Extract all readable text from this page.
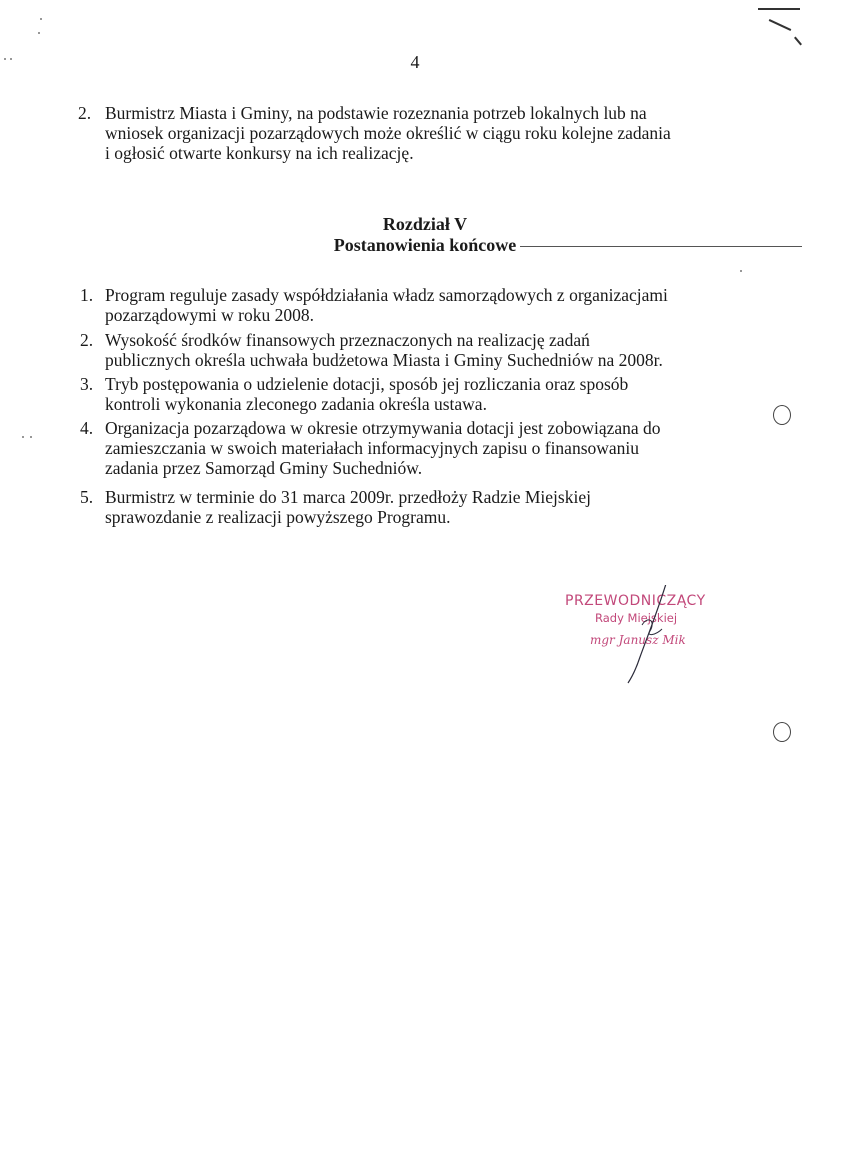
4
2. Burmistrz Miasta i Gminy, na podstawie rozeznania potrzeb lokalnych lub na
wniosek organizacji pozarządowych może określić w ciągu roku kolejne zadania
i ogłosić otwarte konkursy na ich realizację.
Rozdział V
Postanowienia końcowe
1. Program reguluje zasady współdziałania władz samorządowych z organizacjami
pozarządowymi w roku 2008.
2. Wysokość środków finansowych przeznaczonych na realizację zadań
publicznych określa uchwała budżetowa Miasta i Gminy Suchedniów na 2008r.
3. Tryb postępowania o udzielenie dotacji, sposób jej rozliczania oraz sposób
kontroli wykonania zleconego zadania określa ustawa.
4. Organizacja pozarządowa w okresie otrzymywania dotacji jest zobowiązana do
zamieszczania w swoich materiałach informacyjnych zapisu o finansowaniu
zadania przez Samorząd Gminy Suchedniów.
5. Burmistrz w terminie do 31 marca 2009r. przedłoży Radzie Miejskiej
sprawozdanie z realizacji powyższego Programu.
PRZEWODNICZĄCY
Rady Miejskiej
mgr Janusz Mik
